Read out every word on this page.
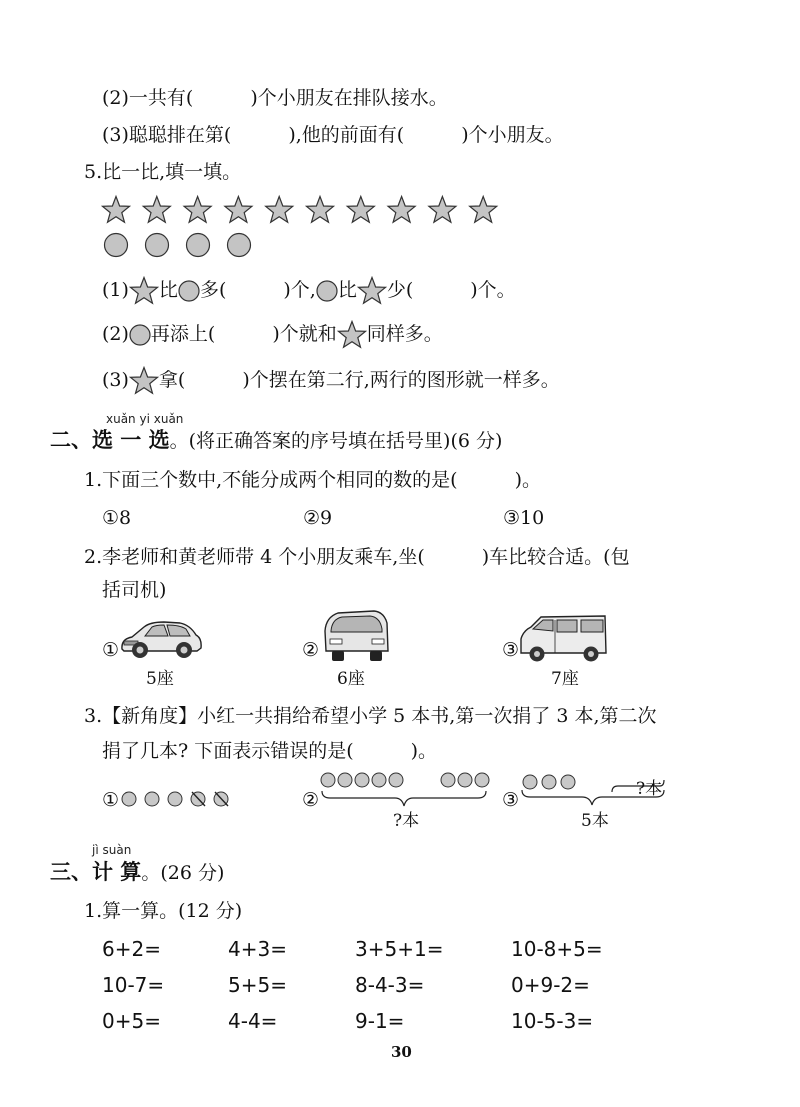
(2)一共有(　　　)个小朋友在排队接水。
(3)聪聪排在第(　　　),他的前面有(　　　)个小朋友。
5.比一比,填一填。
(1) 比 多(　　　)个, 比 少(　　　)个。
(2) 再添上(　　　)个就和 同样多。
(3) 拿(　　　)个摆在第二行,两行的图形就一样多。
xuǎn yi xuǎn
二、选 一 选。(将正确答案的序号填在括号里)(6 分)
1.下面三个数中,不能分成两个相同的数的是(　　　)。
①8	②9	③10
2.李老师和黄老师带 4 个小朋友乘车,坐(　　　)车比较合适。(包
括司机)
①
5座
②
6座
③
7座
3.【新角度】小红一共捐给希望小学 5 本书,第一次捐了 3 本,第二次
捐了几本? 下面表示错误的是(　　　)。
①	②
?本
③	?本
5本
jì suàn
三、计 算。(26 分)
1.算一算。(12 分)
6+2=	4+3=	3+5+1=	10-8+5=
10-7=	5+5=	8-4-3=	0+9-2=
0+5=	4-4=	9-1=	10-5-3=
30
